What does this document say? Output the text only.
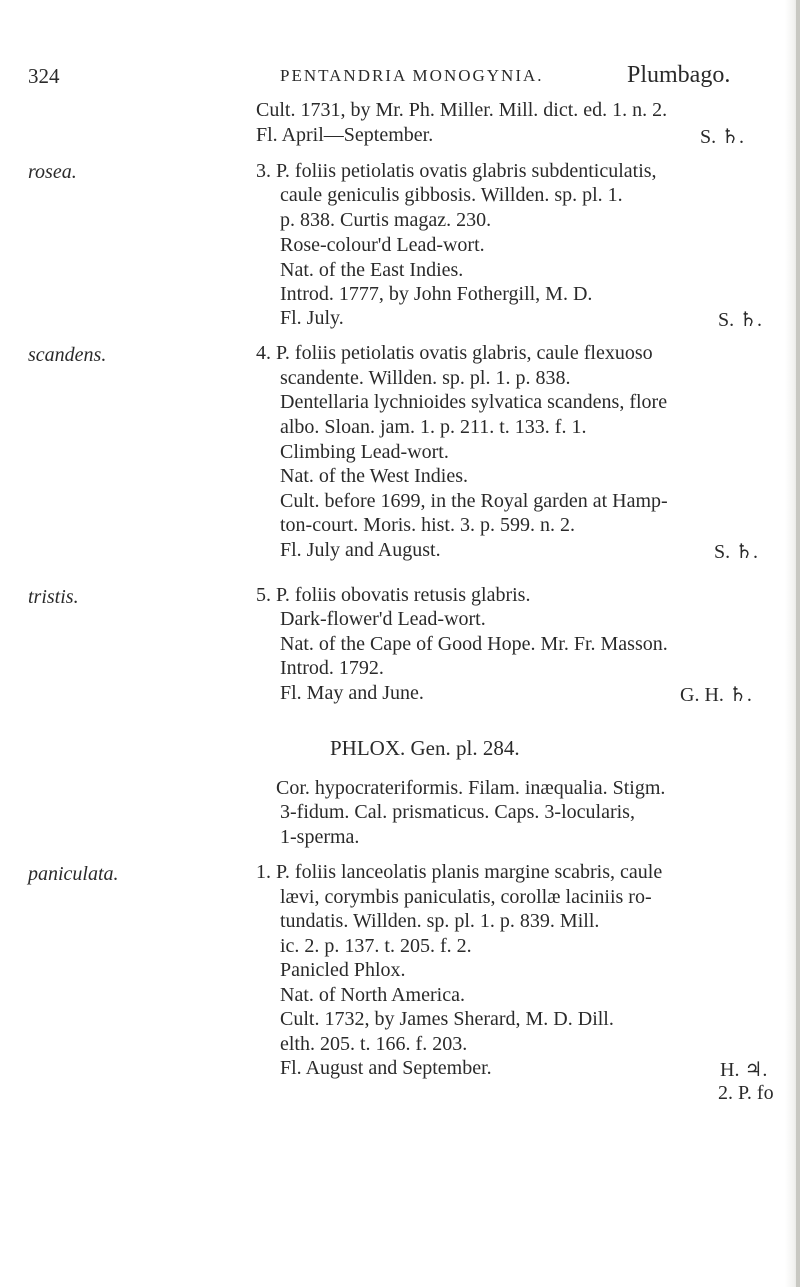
324	PENTANDRIA MONOGYNIA.	Plumbago.
Cult. 1731, by Mr. Ph. Miller. Mill. dict. ed. 1. n. 2.
Fl. April—September.	S. ♄.
rosea.	3. P. foliis petiolatis ovatis glabris subdenticulatis,
caule geniculis gibbosis. Willden. sp. pl. 1.
p. 838. Curtis magaz. 230.
Rose-colour'd Lead-wort.
Nat. of the East Indies.
Introd. 1777, by John Fothergill, M. D.
Fl. July.	S. ♄.
scandens.	4. P. foliis petiolatis ovatis glabris, caule flexuoso
scandente. Willden. sp. pl. 1. p. 838.
Dentellaria lychnioides sylvatica scandens, flore
albo. Sloan. jam. 1. p. 211. t. 133. f. 1.
Climbing Lead-wort.
Nat. of the West Indies.
Cult. before 1699, in the Royal garden at Hamp-
ton-court. Moris. hist. 3. p. 599. n. 2.
Fl. July and August.	S. ♄.
tristis.	5. P. foliis obovatis retusis glabris.
Dark-flower'd Lead-wort.
Nat. of the Cape of Good Hope. Mr. Fr. Masson.
Introd. 1792.
Fl. May and June.	G. H. ♄.
PHLOX. Gen. pl. 284.
Cor. hypocrateriformis. Filam. inæqualia. Stigm.
3-fidum. Cal. prismaticus. Caps. 3-locularis,
1-sperma.
paniculata.	1. P. foliis lanceolatis planis margine scabris, caule
lævi, corymbis paniculatis, corollæ laciniis ro-
tundatis. Willden. sp. pl. 1. p. 839. Mill.
ic. 2. p. 137. t. 205. f. 2.
Panicled Phlox.
Nat. of North America.
Cult. 1732, by James Sherard, M. D. Dill.
elth. 205. t. 166. f. 203.
Fl. August and September.	H. ♃.
2. P. fo
